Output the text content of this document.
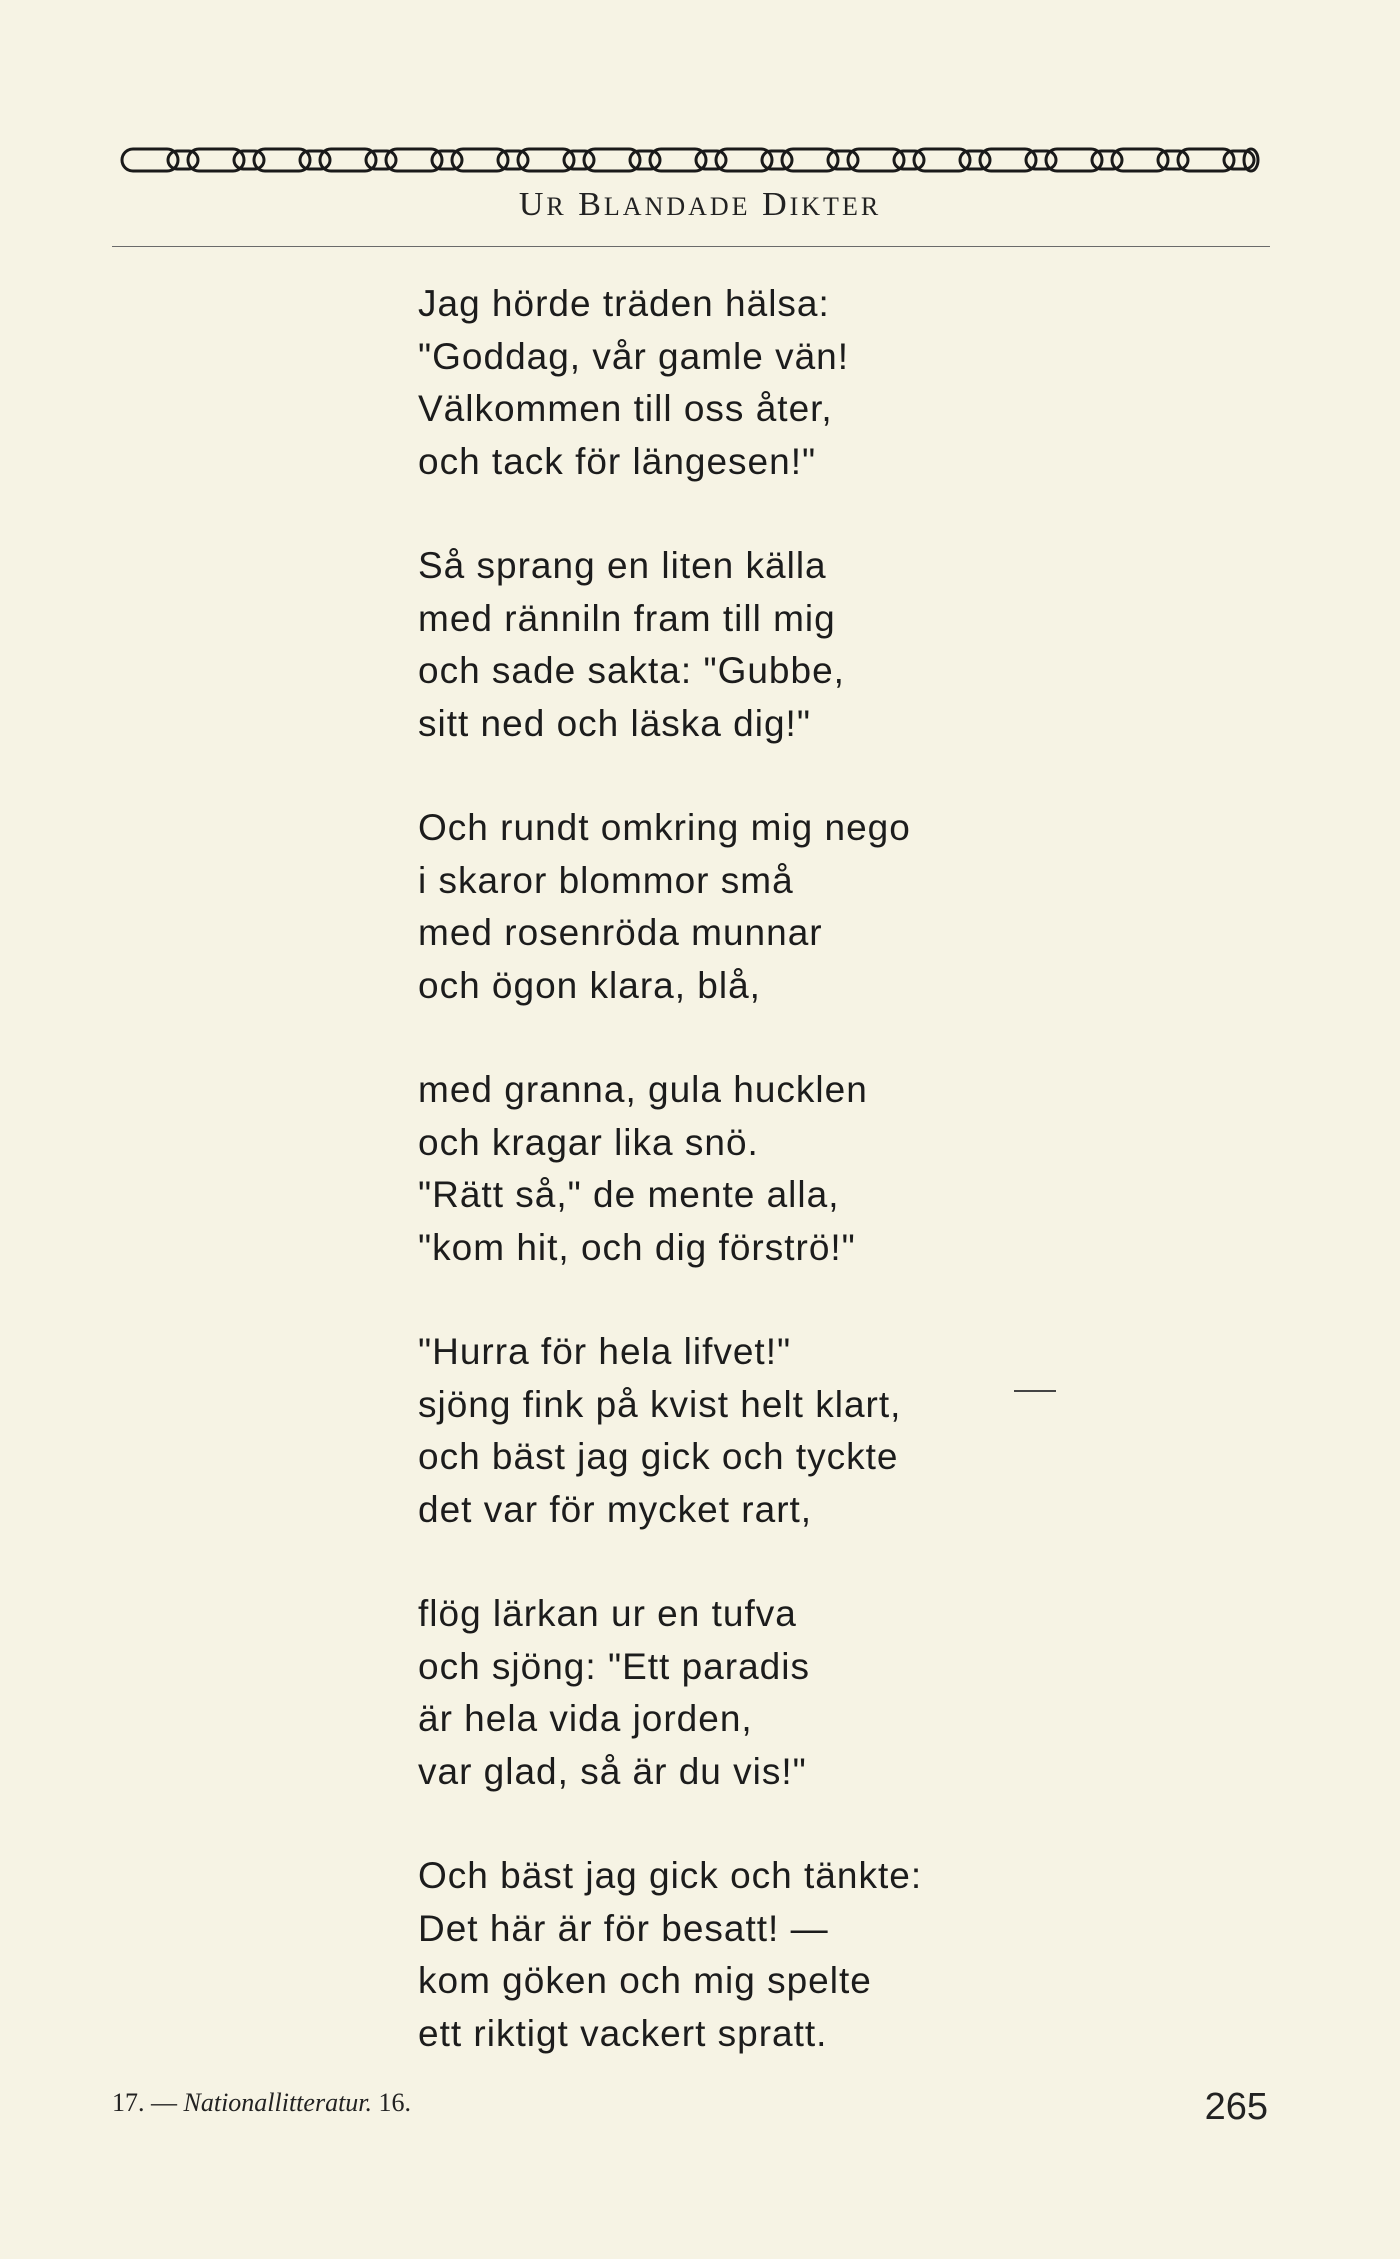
UR BLANDADE DIKTER
Jag hörde träden hälsa:
"Goddag, vår gamle vän!
Välkommen till oss åter,
och tack för längesen!"
Så sprang en liten källa
med ränniln fram till mig
och sade sakta: "Gubbe,
sitt ned och läska dig!"
Och rundt omkring mig nego
i skaror blommor små
med rosenröda munnar
och ögon klara, blå,
med granna, gula hucklen
och kragar lika snö.
"Rätt så," de mente alla,
"kom hit, och dig förströ!"
"Hurra för hela lifvet!"
sjöng fink på kvist helt klart,
och bäst jag gick och tyckte
det var för mycket rart,
flög lärkan ur en tufva
och sjöng: "Ett paradis
är hela vida jorden,
var glad, så är du vis!"
Och bäst jag gick och tänkte:
Det här är för besatt! —
kom göken och mig spelte
ett riktigt vackert spratt.
17. — Nationallitteratur. 16.	265
